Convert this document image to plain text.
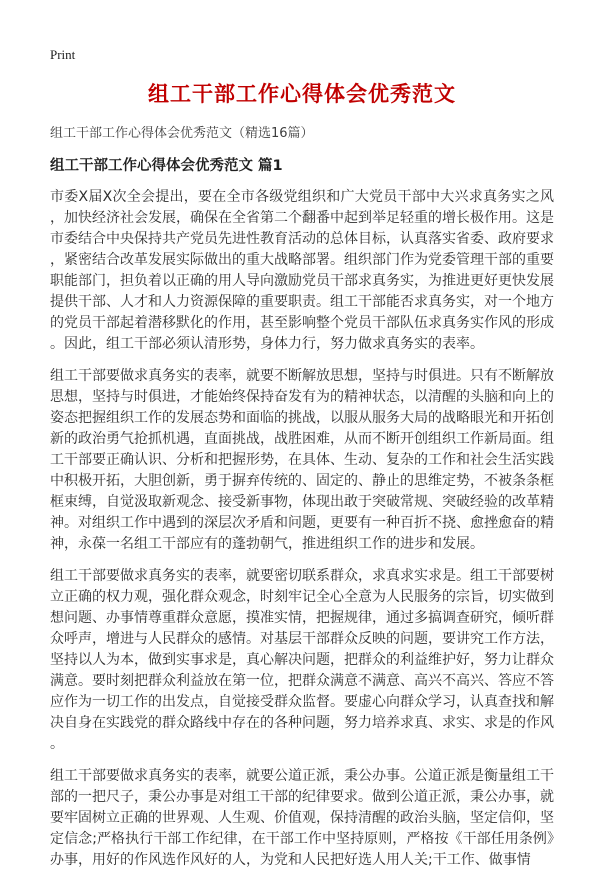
Print
组工干部工作心得体会优秀范文
组工干部工作心得体会优秀范文（精选16篇）
组工干部工作心得体会优秀范文 篇1

市委X届X次全会提出，要在全市各级党组织和广大党员干部中大兴求真务实之风，加快经济社会发展，确保在全省第二个翻番中起到举足轻重的增长极作用。这是市委结合中央保持共产党员先进性教育活动的总体目标，认真落实省委、政府要求，紧密结合改革发展实际做出的重大战略部署。组织部门作为党委管理干部的重要职能部门，担负着以正确的用人导向激励党员干部求真务实，为推进更好更快发展提供干部、人才和人力资源保障的重要职责。组工干部能否求真务实，对一个地方的党员干部起着潜移默化的作用，甚至影响整个党员干部队伍求真务实作风的形成。因此，组工干部必须认清形势，身体力行，努力做求真务实的表率。

组工干部要做求真务实的表率，就要不断解放思想，坚持与时俱进。只有不断解放思想，坚持与时俱进，才能始终保持奋发有为的精神状态，以清醒的头脑和向上的姿态把握组织工作的发展态势和面临的挑战，以服从服务大局的战略眼光和开拓创新的政治勇气抢抓机遇，直面挑战，战胜困难，从而不断开创组织工作新局面。组工干部要正确认识、分析和把握形势，在具体、生动、复杂的工作和社会生活实践中积极开拓，大胆创新，勇于摒弃传统的、固定的、静止的思维定势，不被条条框框束缚，自觉汲取新观念、接受新事物，体现出敢于突破常规、突破经验的改革精神。对组织工作中遇到的深层次矛盾和问题，更要有一种百折不挠、愈挫愈奋的精神，永葆一名组工干部应有的蓬勃朝气，推进组织工作的进步和发展。

组工干部要做求真务实的表率，就要密切联系群众，求真求实求是。组工干部要树立正确的权力观，强化群众观念，时刻牢记全心全意为人民服务的宗旨，切实做到想问题、办事情尊重群众意愿，摸准实情，把握规律，通过多搞调查研究，倾听群众呼声，增进与人民群众的感情。对基层干部群众反映的问题，要讲究工作方法，坚持以人为本，做到实事求是，真心解决问题，把群众的利益维护好，努力让群众满意。要时刻把群众利益放在第一位，把群众满意不满意、高兴不高兴、答应不答应作为一切工作的出发点，自觉接受群众监督。要虚心向群众学习，认真查找和解决自身在实践党的群众路线中存在的各种问题，努力培养求真、求实、求是的作风。

组工干部要做求真务实的表率，就要公道正派，秉公办事。公道正派是衡量组工干部的一把尺子，秉公办事是对组工干部的纪律要求。做到公道正派，秉公办事，就要牢固树立正确的世界观、人生观、价值观，保持清醒的政治头脑，坚定信仰，坚定信念;严格执行干部工作纪律，在干部工作中坚持原则，严格按《干部任用条例》办事，用好的作风选作风好的人，为党和人民把好选人用人关;干工作、做事情
